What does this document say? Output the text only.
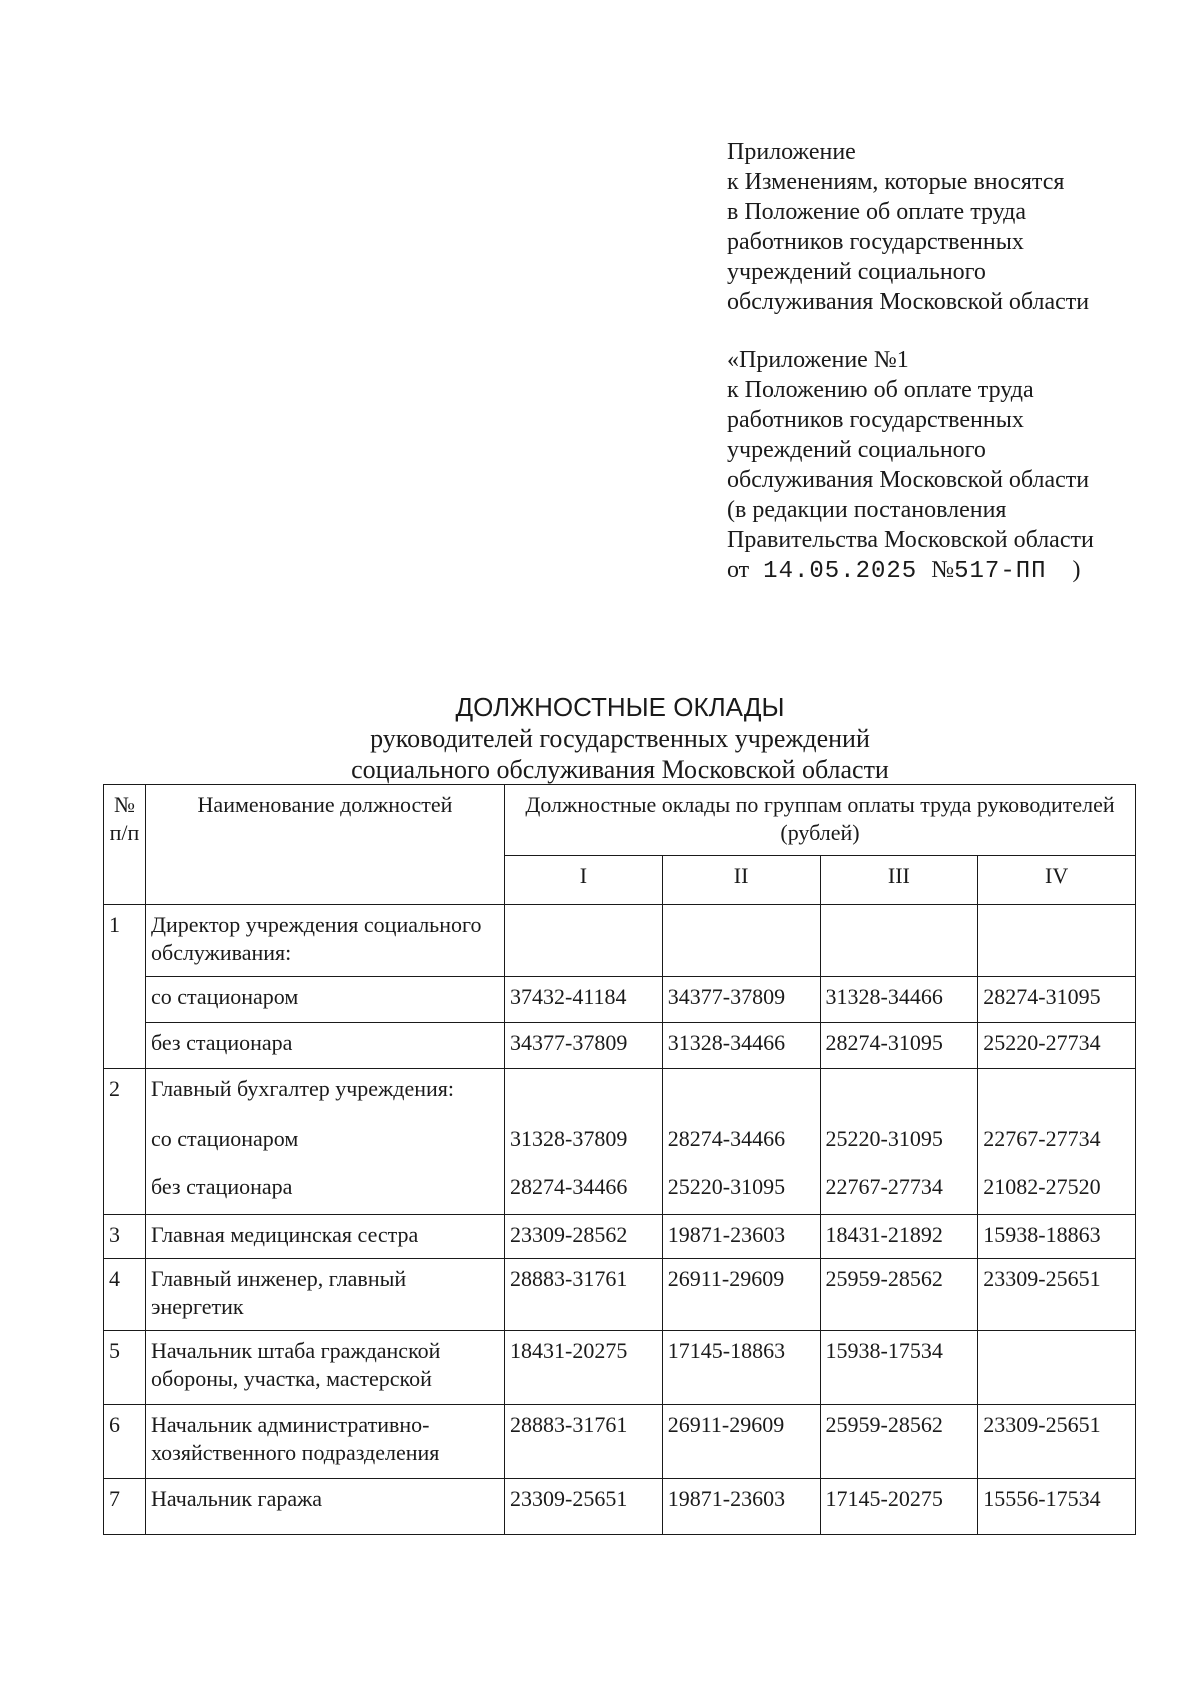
Приложение
к Изменениям, которые вносятся
в Положение об оплате труда
работников государственных
учреждений социального
обслуживания Московской области
«Приложение №1
к Положению об оплате труда
работников государственных
учреждений социального
обслуживания Московской области
(в редакции постановления
Правительства Московской области
от 14.05.2025 №517-ПП )
ДОЛЖНОСТНЫЕ ОКЛАДЫ
руководителей государственных учреждений
социального обслуживания Московской области
№ п/п	Наименование должностей	Должностные оклады по группам оплаты труда руководителей (рублей)			
		I	II	III	IV
1	Директор учреждения социального обслуживания:				
	со стационаром	37432-41184	34377-37809	31328-34466	28274-31095
	без стационара	34377-37809	31328-34466	28274-31095	25220-27734
2	Главный бухгалтер учреждения:				
	со стационаром	31328-37809	28274-34466	25220-31095	22767-27734
	без стационара	28274-34466	25220-31095	22767-27734	21082-27520
3	Главная медицинская сестра	23309-28562	19871-23603	18431-21892	15938-18863
4	Главный инженер, главный энергетик	28883-31761	26911-29609	25959-28562	23309-25651
5	Начальник штаба гражданской обороны, участка, мастерской	18431-20275	17145-18863	15938-17534	
6	Начальник административно-хозяйственного подразделения	28883-31761	26911-29609	25959-28562	23309-25651
7	Начальник гаража	23309-25651	19871-23603	17145-20275	15556-17534
